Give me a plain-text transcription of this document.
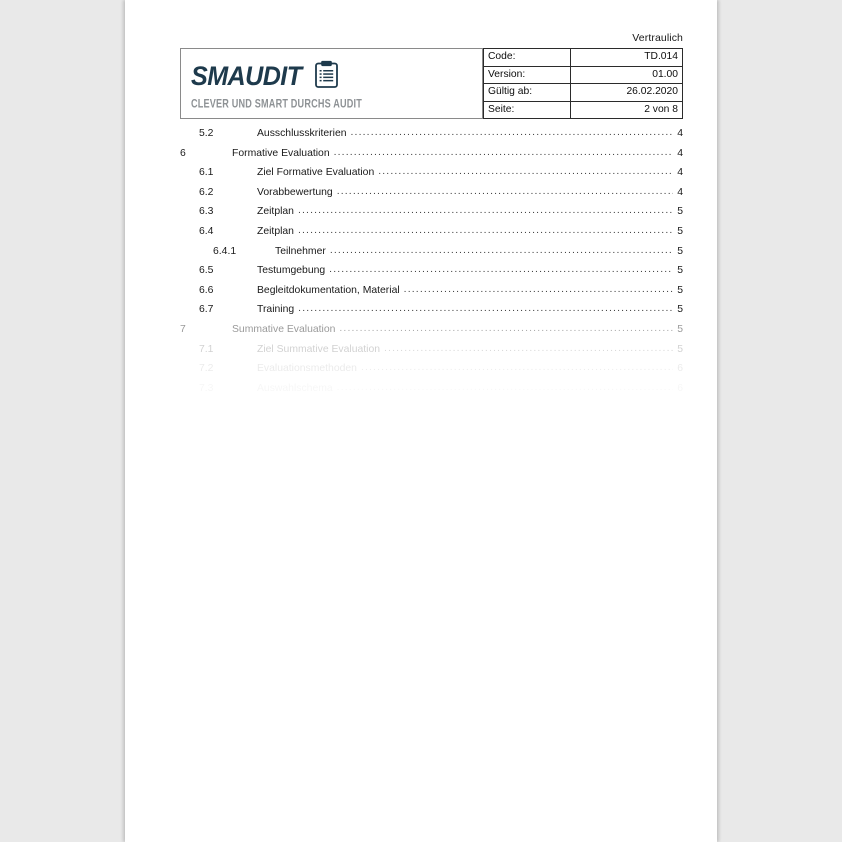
Vertraulich
SMAUDIT
CLEVER UND SMART DURCHS AUDIT
Code:	TD.014
Version:	01.00
Gültig ab:	26.02.2020
Seite:	2 von 8
5.2	Ausschlusskriterien .....	4
6	Formative Evaluation .....	4
6.1	Ziel Formative Evaluation .....	4
6.2	Vorabbewertung .....	4
6.3	Zeitplan .....	5
6.4	Zeitplan .....	5
6.4.1	Teilnehmer .....	5
6.5	Testumgebung .....	5
6.6	Begleitdokumentation, Material .....	5
6.7	Training .....	5
7	Summative Evaluation .....	5
7.1	Ziel Summative Evaluation .....	5
7.2	Evaluationsmethoden .....	6
